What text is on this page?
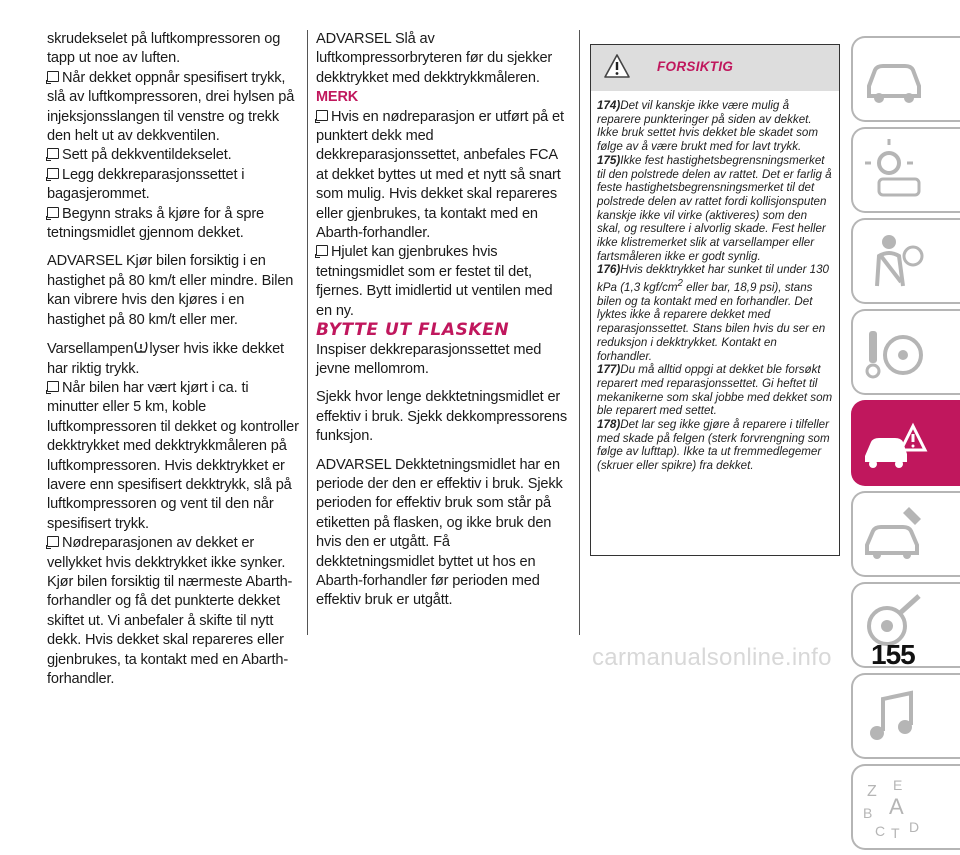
skrudekselet på luftkompressoren og tapp ut noe av luften.

Når dekket oppnår spesifisert trykk, slå av luftkompressoren, drei hylsen på injeksjonsslangen til venstre og trekk den helt ut av dekkventilen.

Sett på dekkventildekselet.

Legg dekkreparasjonssettet i bagasjerommet.

Begynn straks å kjøre for å spre tetningsmidlet gjennom dekket.

ADVARSEL Kjør bilen forsiktig i en hastighet på 80 km/t eller mindre. Bilen kan vibrere hvis den kjøres i en hastighet på 80 km/t eller mer.

Varsellampen lyser hvis ikke dekket har riktig trykk.

Når bilen har vært kjørt i ca. ti minutter eller 5 km, koble luftkompressoren til dekket og kontroller dekktrykket med dekktrykkmåleren på luftkompressoren. Hvis dekktrykket er lavere enn spesifisert dekktrykk, slå på luftkompressoren og vent til den når spesifisert trykk.

Nødreparasjonen av dekket er vellykket hvis dekktrykket ikke synker. Kjør bilen forsiktig til nærmeste Abarth-forhandler og få det punkterte dekket skiftet ut. Vi anbefaler å skifte til nytt dekk. Hvis dekket skal repareres eller gjenbrukes, ta kontakt med en Abarth-forhandler.

ADVARSEL Slå av luftkompressorbryteren før du sjekker dekktrykket med dekktrykkmåleren.

MERK

Hvis en nødreparasjon er utført på et punktert dekk med dekkreparasjonssettet, anbefales FCA at dekket byttes ut med et nytt så snart som mulig. Hvis dekket skal repareres eller gjenbrukes, ta kontakt med en Abarth-forhandler.

Hjulet kan gjenbrukes hvis tetningsmidlet som er festet til det, fjernes. Bytt imidlertid ut ventilen med en ny.

BYTTE UT FLASKEN

Inspiser dekkreparasjonssettet med jevne mellomrom.

Sjekk hvor lenge dekktetningsmidlet er effektiv i bruk. Sjekk dekkompressorens funksjon.

ADVARSEL Dekktetningsmidlet har en periode der den er effektiv i bruk. Sjekk perioden for effektiv bruk som står på etiketten på flasken, og ikke bruk den hvis den er utgått. Få dekktetningsmidlet byttet ut hos en Abarth-forhandler før perioden med effektiv bruk er utgått.

FORSIKTIG

174)Det vil kanskje ikke være mulig å reparere punkteringer på siden av dekket. Ikke bruk settet hvis dekket ble skadet som følge av å være brukt med for lavt trykk.

175)Ikke fest hastighetsbegrensningsmerket til den polstrede delen av rattet. Det er farlig å feste hastighetsbegrensningsmerket til det polstrede delen av rattet fordi kollisjonsputen kanskje ikke vil virke (aktiveres) som den skal, og resultere i alvorlig skade. Fest heller ikke klistremerket slik at varsellamper eller fartsmåleren ikke er godt synlig.

176)Hvis dekktrykket har sunket til under 130 kPa (1,3 kgf/$cm^2$ eller bar, 18,9 psi), stans bilen og ta kontakt med en forhandler. Det lyktes ikke å reparere dekket med reparasjonssettet. Stans bilen hvis du ser en reduksjon i dekktrykket. Kontakt en forhandler.

177)Du må alltid oppgi at dekket ble forsøkt reparert med reparasjonssettet. Gi heftet til mekanikerne som skal jobbe med dekket som ble reparert med settet.

178)Det lar seg ikke gjøre å reparere i tilfeller med skade på felgen (sterk forvrengning som følge av lufttap). Ikke ta ut fremmedlegemer (skruer eller spikre) fra dekket.

Z E
B A
C T D
155
carmanualsonline.info
